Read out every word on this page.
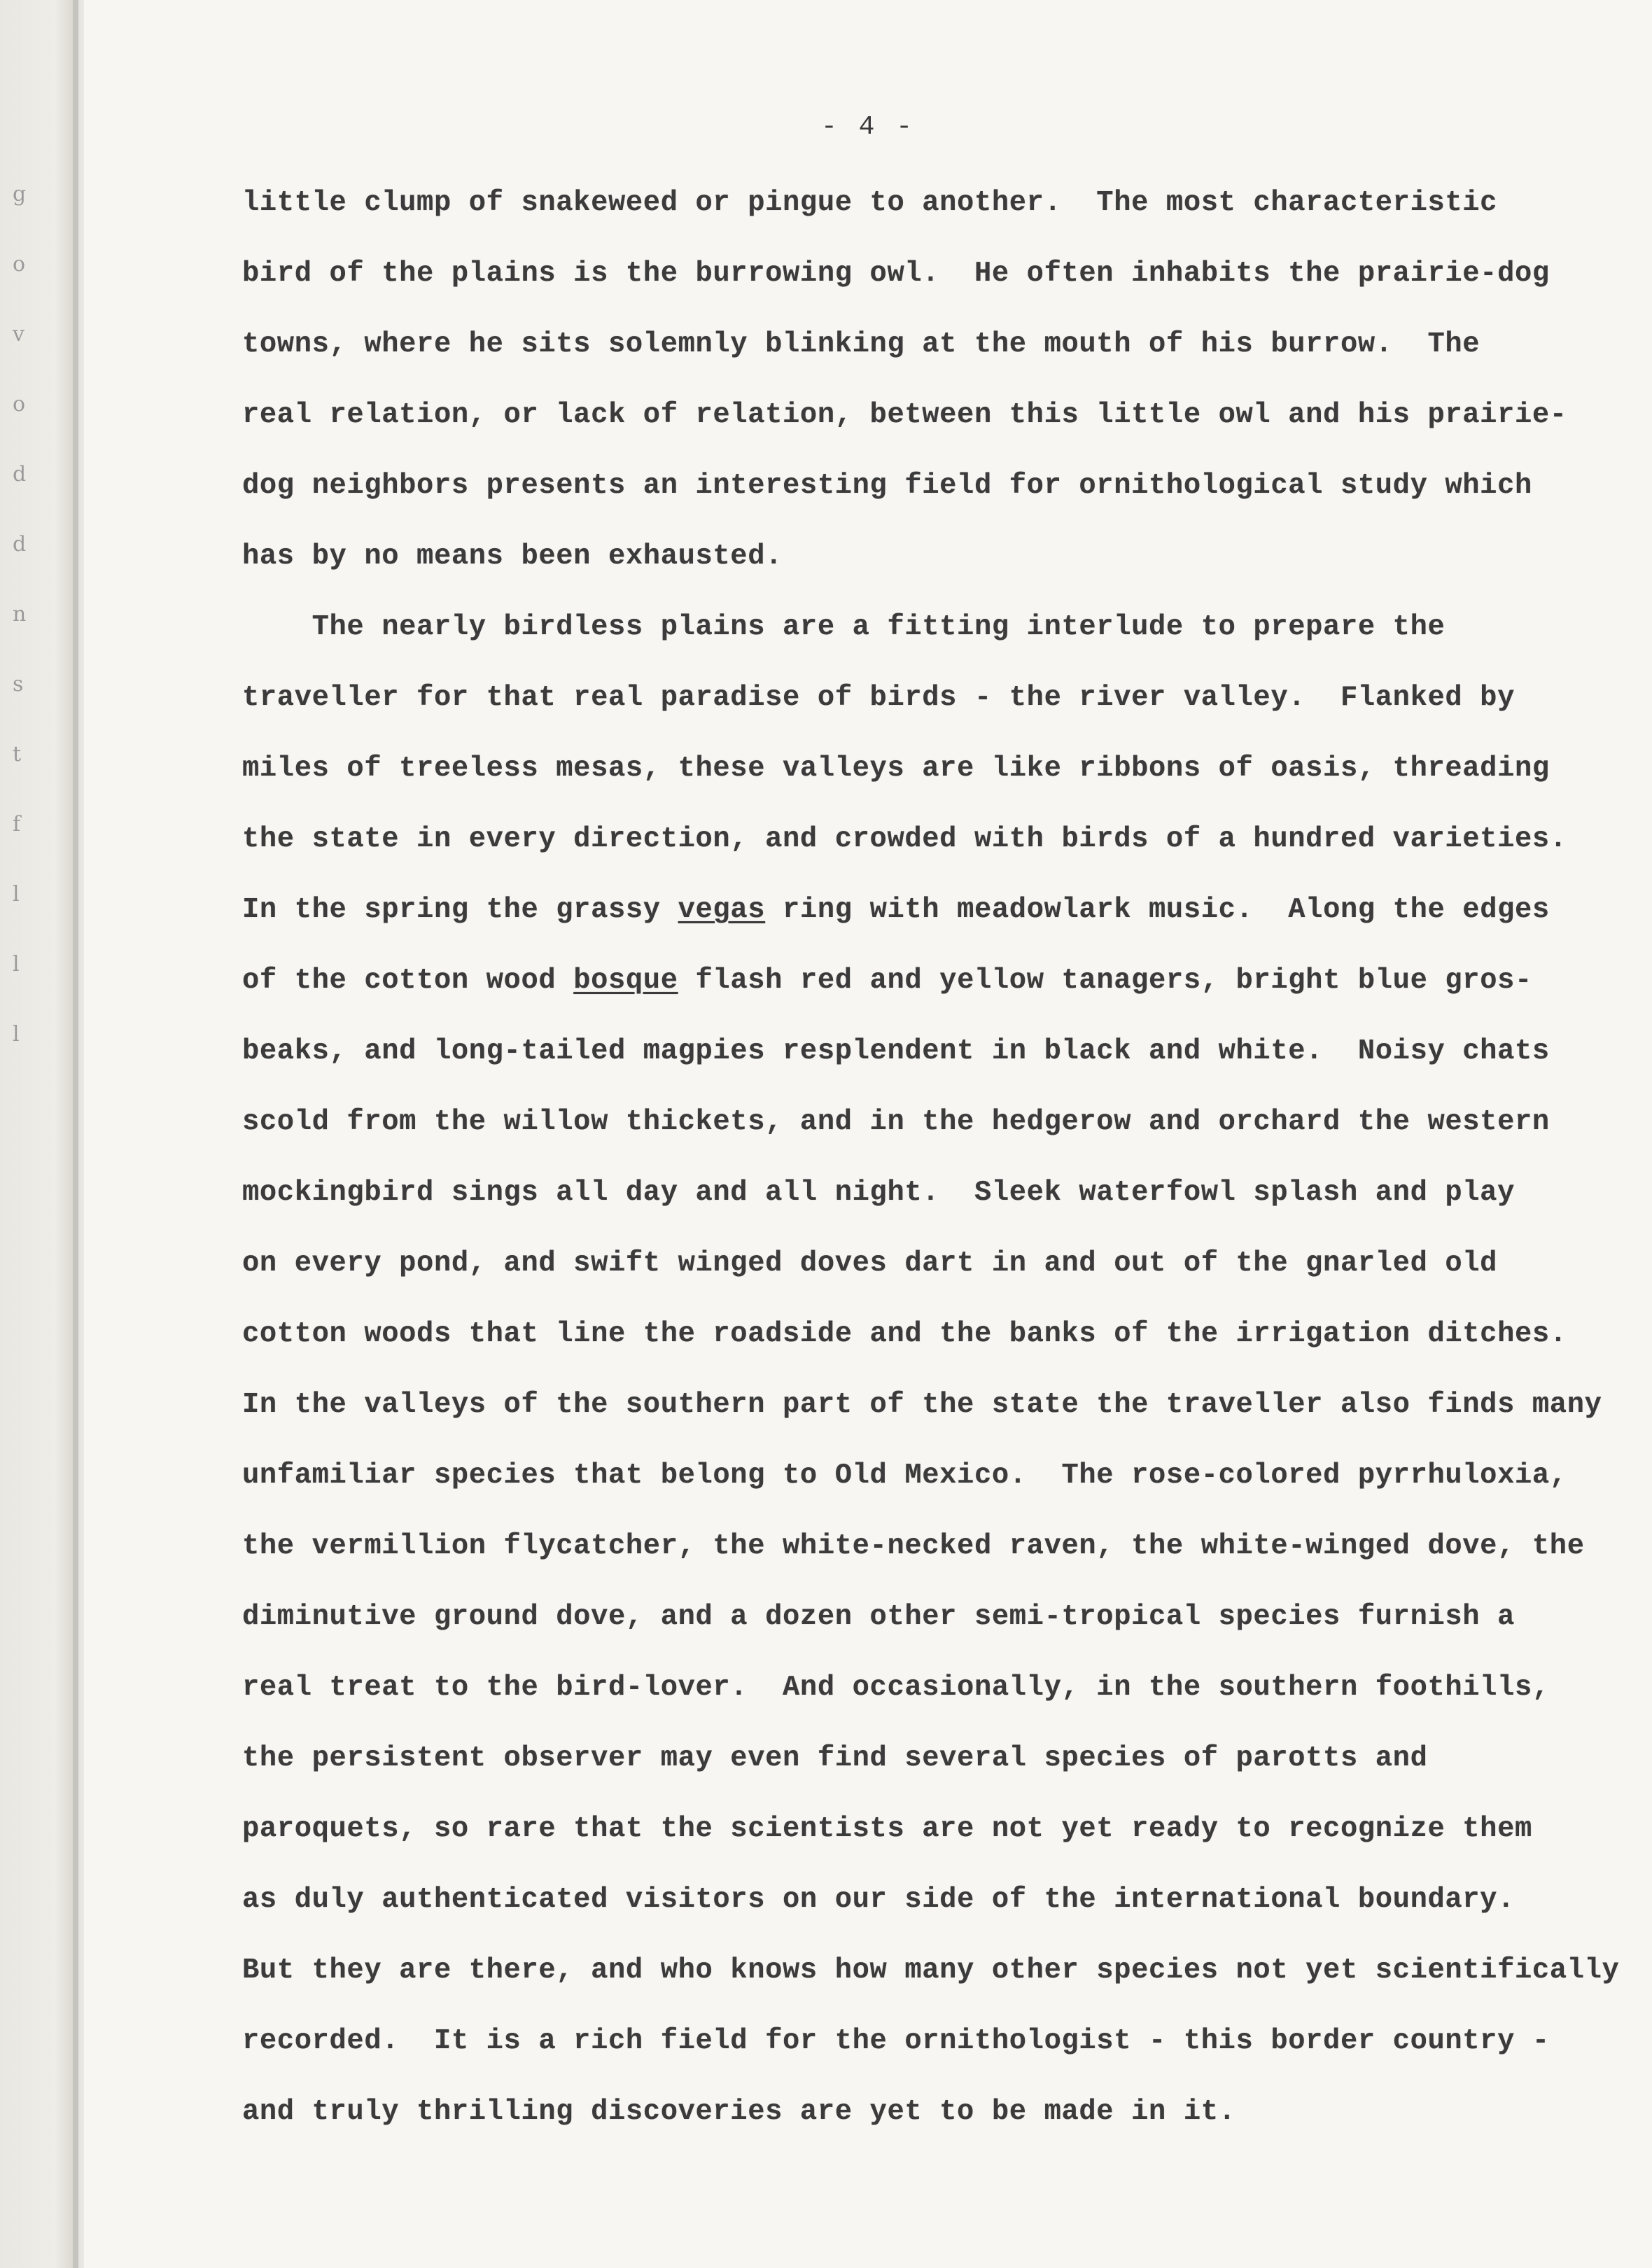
g
o
v
o
d
d
n
s
t
f
l
l
l
- 4 -
little clump of snakeweed or pingue to another.  The most characteristic
bird of the plains is the burrowing owl.  He often inhabits the prairie-dog
towns, where he sits solemnly blinking at the mouth of his burrow.  The
real relation, or lack of relation, between this little owl and his prairie-
dog neighbors presents an interesting field for ornithological study which
has by no means been exhausted.
The nearly birdless plains are a fitting interlude to prepare the
traveller for that real paradise of birds - the river valley.  Flanked by
miles of treeless mesas, these valleys are like ribbons of oasis, threading
the state in every direction, and crowded with birds of a hundred varieties.
In the spring the grassy vegas ring with meadowlark music.  Along the edges
of the cotton wood bosque flash red and yellow tanagers, bright blue gros-
beaks, and long-tailed magpies resplendent in black and white.  Noisy chats
scold from the willow thickets, and in the hedgerow and orchard the western
mockingbird sings all day and all night.  Sleek waterfowl splash and play
on every pond, and swift winged doves dart in and out of the gnarled old
cotton woods that line the roadside and the banks of the irrigation ditches.
In the valleys of the southern part of the state the traveller also finds many
unfamiliar species that belong to Old Mexico.  The rose-colored pyrrhuloxia,
the vermillion flycatcher, the white-necked raven, the white-winged dove, the
diminutive ground dove, and a dozen other semi-tropical species furnish a
real treat to the bird-lover.  And occasionally, in the southern foothills,
the persistent observer may even find several species of parotts and
paroquets, so rare that the scientists are not yet ready to recognize them
as duly authenticated visitors on our side of the international boundary.
But they are there, and who knows how many other species not yet scientifically
recorded.  It is a rich field for the ornithologist - this border country -
and truly thrilling discoveries are yet to be made in it.
